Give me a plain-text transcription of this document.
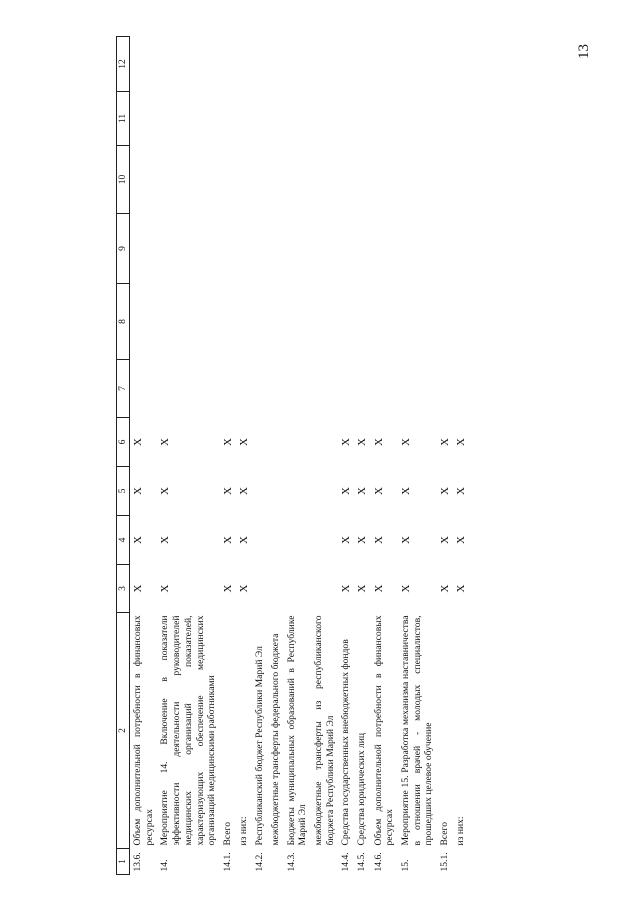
13
1	2	3	4	5	6	7	8	9	10	11	12
13.6.	Объем дополнительной потребности в финансовых ресурсах	X	X	X	X						
14.	Мероприятие 14. Включение в показатели эффективности деятельности руководителей медицинских организаций показателей, характеризующих обеспечение медицинских организаций медицинскими работниками	X	X	X	X						
14.1.	Всего	X	X	X	X						
	из них:	X	X	X	X						
14.2.	Республиканский бюджет Республики Марий Эл										
	межбюджетные трансферты федерального бюджета										
14.3.	Бюджеты муниципальных образований в Республике Марий Эл										
	межбюджетные трансферты из республиканского бюджета Республики Марий Эл										
14.4.	Средства государственных внебюджетных фондов	X	X	X	X						
14.5.	Средства юридических лиц	X	X	X	X						
14.6.	Объем дополнительной потребности в финансовых ресурсах	X	X	X	X						
15.	Мероприятие 15. Разработка механизма наставничества в отношении врачей - молодых специалистов, прошедших целевое обучение	X	X	X	X						
15.1.	Всего	X	X	X	X						
	из них:	X	X	X	X						
